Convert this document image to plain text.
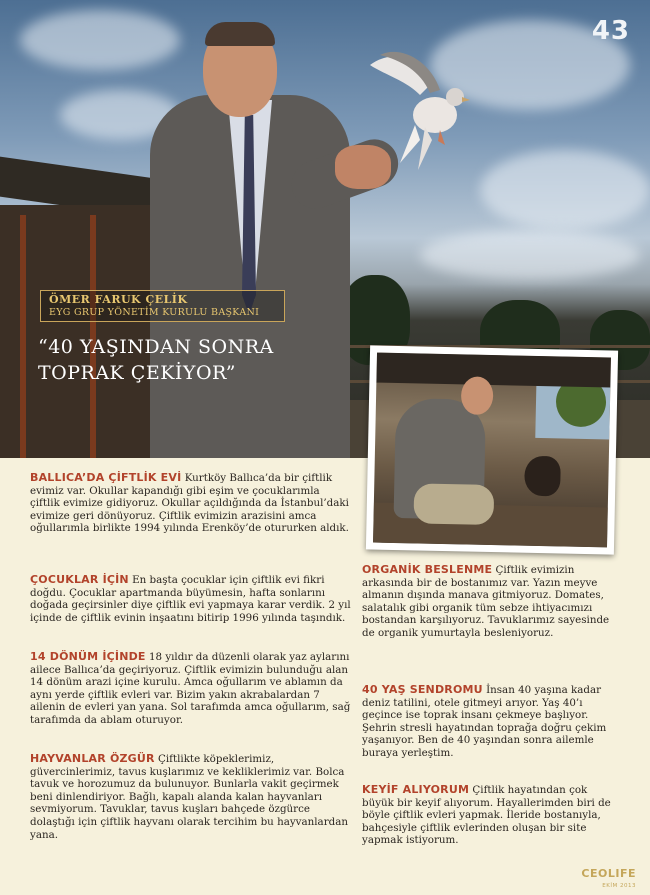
43
ÖMER FARUK ÇELİK
EYG GRUP YÖNETİM KURULU BAŞKANI
“40 YAŞINDAN SONRA TOPRAK ÇEKİYOR”

BALLICA’DA ÇİFTLİK EVİ Kurtköy Ballıca’da bir çiftlik evimiz var. Okullar kapandığı gibi eşim ve çocuklarımla çiftlik evimize gidiyoruz. Okullar açıldığında da İstanbul’daki evimize geri dönüyoruz. Çiftlik evimizin arazisini amca oğullarımla birlikte 1994 yılında Erenköy’de otururken aldık.

ÇOCUKLAR İÇİN En başta çocuklar için çiftlik evi fikri doğdu. Çocuklar apartmanda büyümesin, hafta sonlarını doğada geçirsinler diye çiftlik evi yapmaya karar verdik. 2 yıl içinde de çiftlik evinin inşaatını bitirip 1996 yılında taşındık.

14 DÖNÜM İÇİNDE 18 yıldır da düzenli olarak yaz aylarını ailece Ballıca’da geçiriyoruz. Çiftlik evimizin bulunduğu alan 14 dönüm arazi içine kurulu. Amca oğullarım ve ablamın da aynı yerde çiftlik evleri var. Bizim yakın akrabalardan 7 ailenin de evleri yan yana. Sol tarafımda amca oğullarım, sağ tarafımda da ablam oturuyor.

HAYVANLAR ÖZGÜR Çiftlikte köpeklerimiz, güvercinlerimiz, tavus kuşlarımız ve kekliklerimiz var. Bolca tavuk ve horozumuz da bulunuyor. Bunlarla vakit geçirmek beni dinlendiriyor. Bağlı, kapalı alanda kalan hayvanları sevmiyorum. Tavuklar, tavus kuşları bahçede özgürce dolaştığı için çiftlik hayvanı olarak tercihim bu hayvanlardan yana.

ORGANİK BESLENME Çiftlik evimizin arkasında bir de bostanımız var. Yazın meyve almanın dışında manava gitmiyoruz. Domates, salatalık gibi organik tüm sebze ihtiyacımızı bostandan karşılıyoruz. Tavuklarımız sayesinde de organik yumurtayla besleniyoruz.

40 YAŞ SENDROMU İnsan 40 yaşına kadar deniz tatilini, otele gitmeyi arıyor. Yaş 40’ı geçince ise toprak insanı çekmeye başlıyor. Şehrin stresli hayatından toprağa doğru çekim yaşanıyor. Ben de 40 yaşından sonra ailemle buraya yerleştim.

KEYİF ALIYORUM Çiftlik hayatından çok büyük bir keyif alıyorum. Hayallerimden biri de böyle çiftlik evleri yapmak. İleride bostanıyla, bahçesiyle çiftlik evlerinden oluşan bir site yapmak istiyorum.

CEOLIFE
EKİM 2013
